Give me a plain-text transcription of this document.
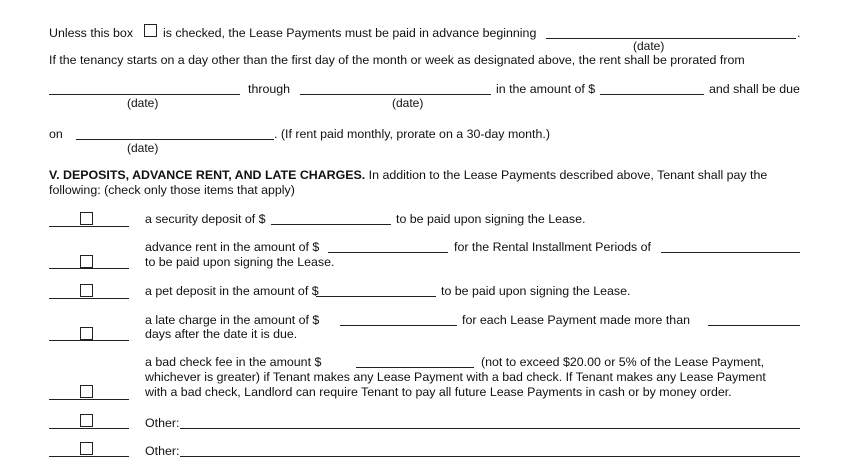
Unless this box is checked, the Lease Payments must be paid in advance beginning	.
(date)
If the tenancy starts on a day other than the first day of the month or week as designated above, the rent shall be prorated from
(date)
through
(date)
in the amount of $	and shall be due
on
(date)
. (If rent paid monthly, prorate on a 30-day month.)
V. DEPOSITS, ADVANCE RENT, AND LATE CHARGES. In addition to the Lease Payments described above, Tenant shall pay the
following: (check only those items that apply)
a security deposit of $	to be paid upon signing the Lease.
advance rent in the amount of $	for the Rental Installment Periods of
to be paid upon signing the Lease.
a pet deposit in the amount of $	to be paid upon signing the Lease.
a late charge in the amount of $	for each Lease Payment made more than
days after the date it is due.
a bad check fee in the amount $	(not to exceed $20.00 or 5% of the Lease Payment,
whichever is greater) if Tenant makes any Lease Payment with a bad check. If Tenant makes any Lease Payment
with a bad check, Landlord can require Tenant to pay all future Lease Payments in cash or by money order.
Other:
Other:
